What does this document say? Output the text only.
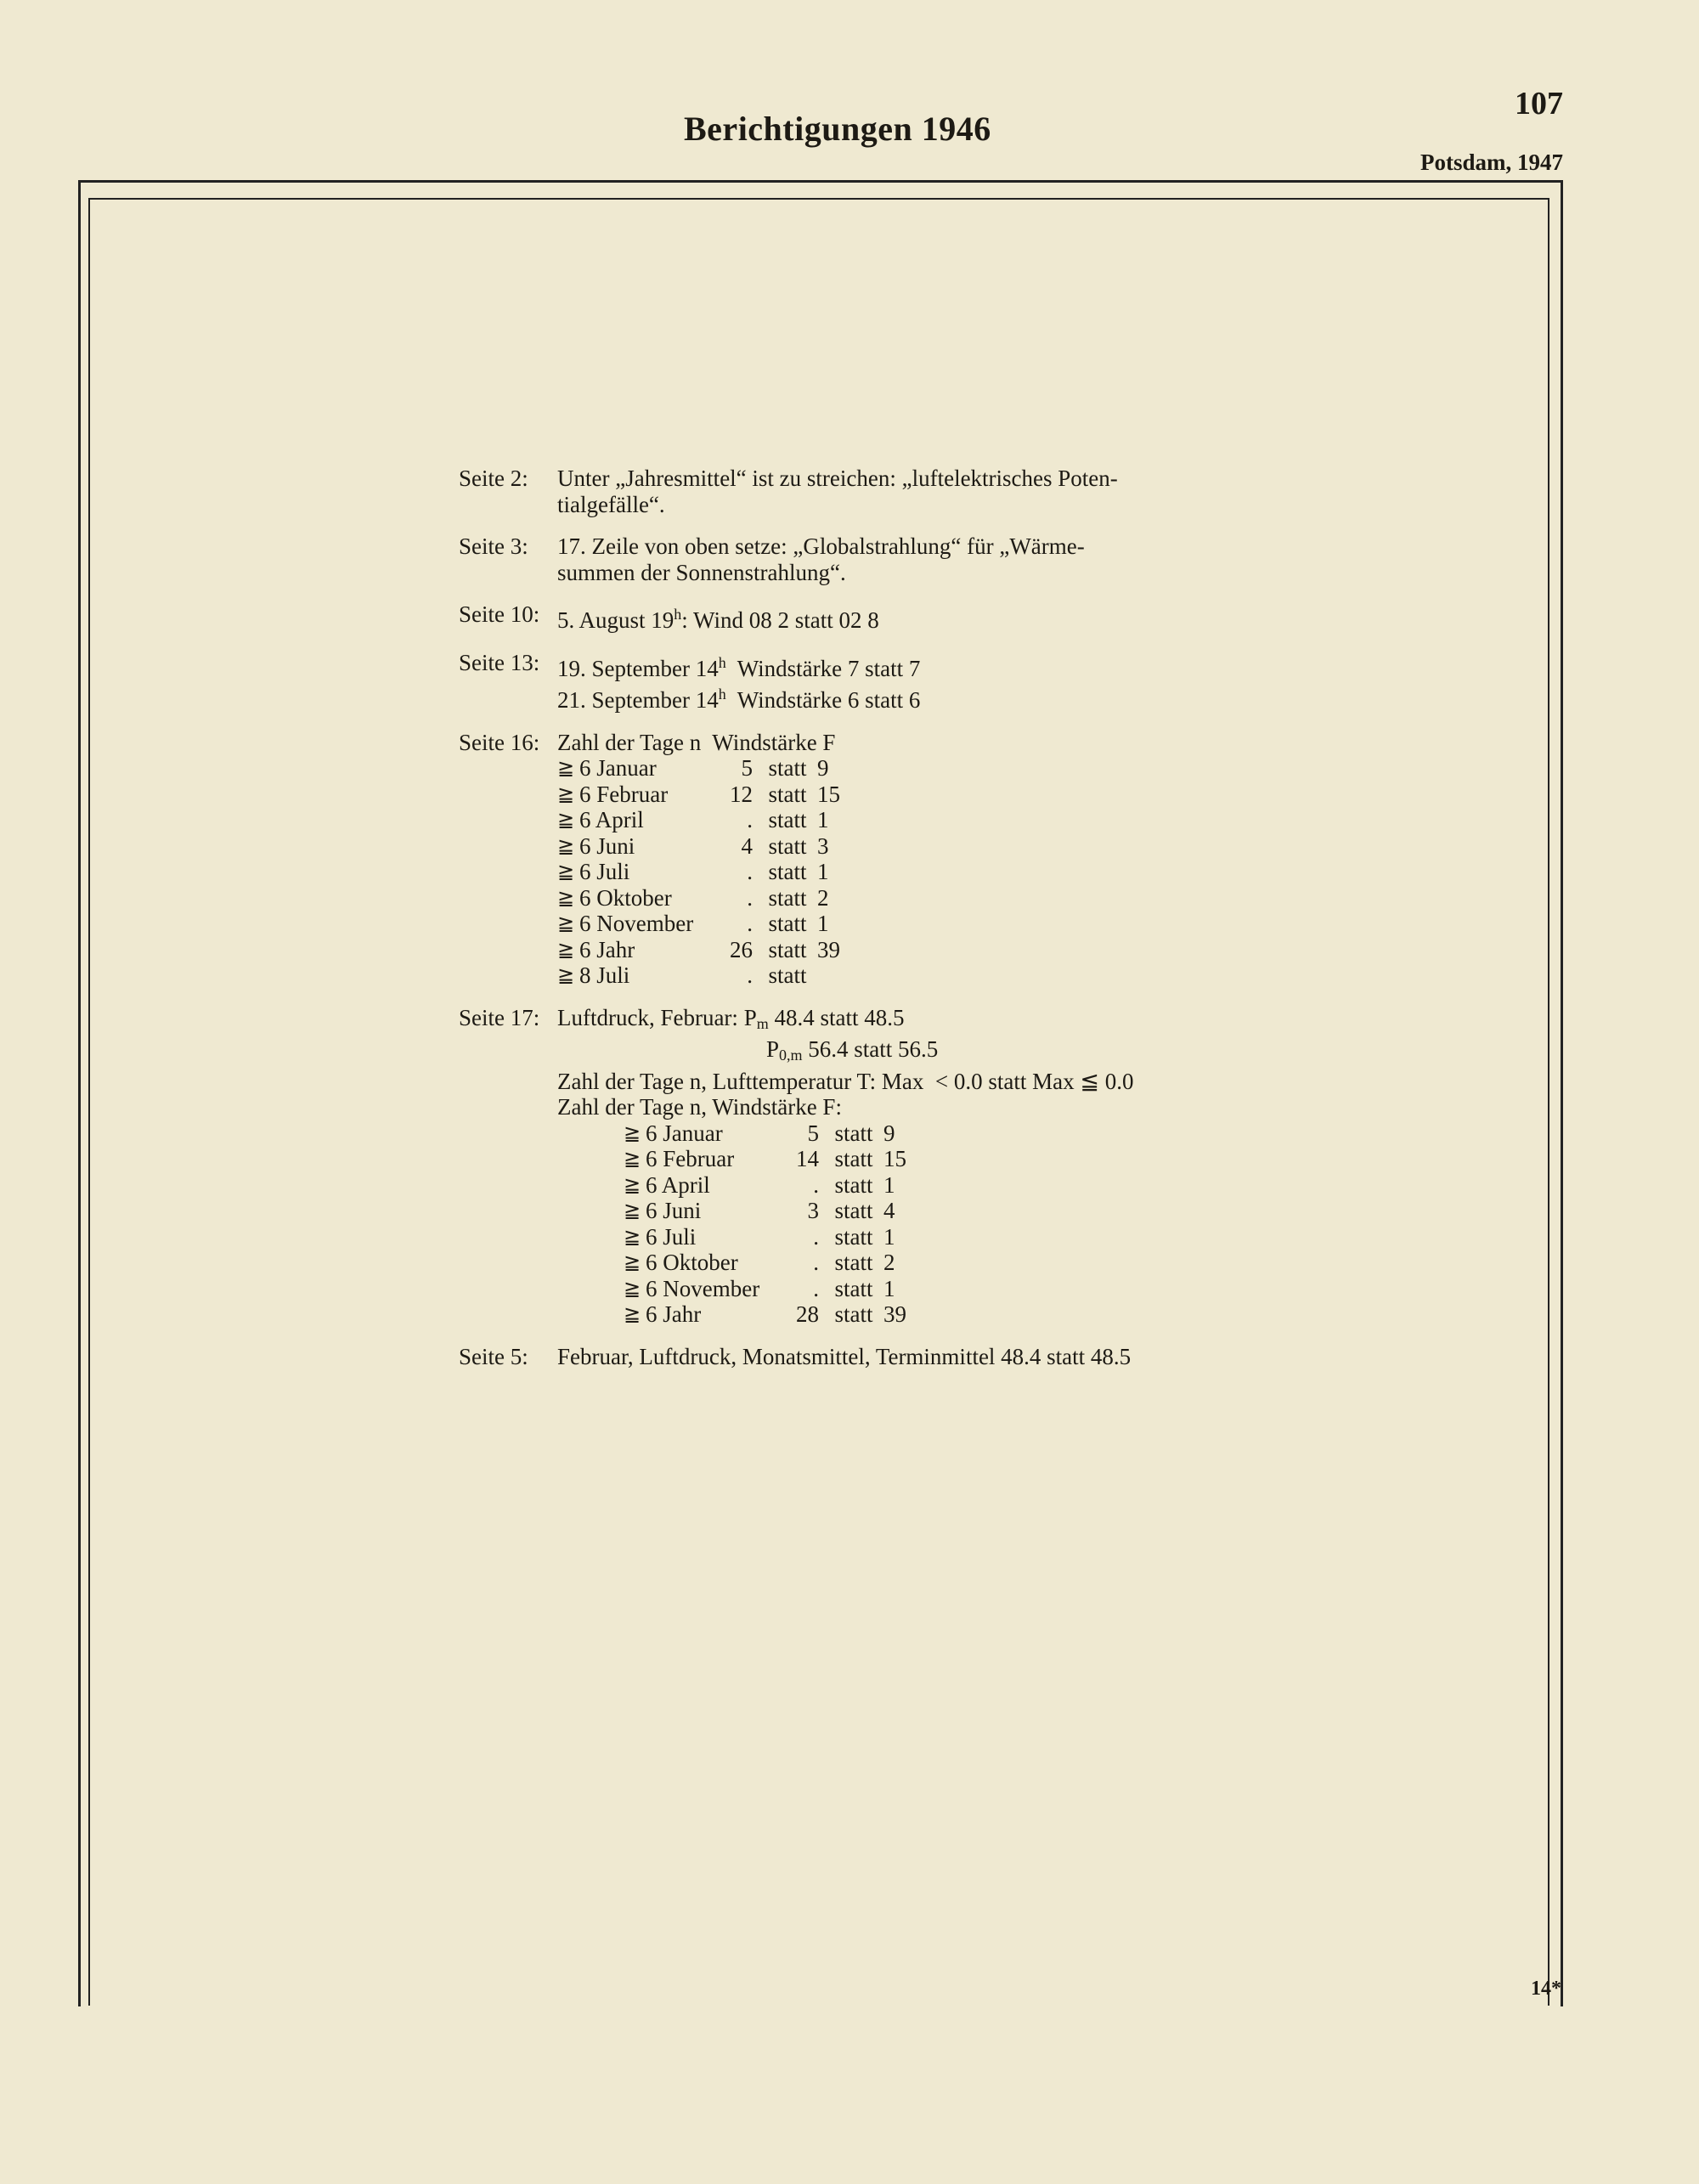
Berichtigungen 1946
107
Potsdam, 1947
Seite 2:	Unter „Jahresmittel“ ist zu streichen: „luftelektrisches Poten-
tialgefälle“.
Seite 3:	17. Zeile von oben setze: „Globalstrahlung“ für „Wärme-
summen der Sonnenstrahlung“.
Seite 10: 5. August 19$^h$: Wind 08 2 statt 02 8
Seite 13: 19. September 14$^h$  Windstärke 7 statt 7
21. September 14$^h$  Windstärke 6 statt 6
Seite 16: Zahl der Tage n  Windstärke F
≧ 6 Januar	5 statt 9
≧ 6 Februar	12 statt 15
≧ 6 April	. statt 1
≧ 6 Juni	4 statt 3
≧ 6 Juli	. statt 1
≧ 6 Oktober	. statt 2
≧ 6 November	. statt 1
≧ 6 Jahr	26 statt 39
≧ 8 Juli	. statt
Seite 17: Luftdruck, Februar: $P_m$ 48.4 statt 48.5
$P_{0,m}$ 56.4 statt 56.5
Zahl der Tage n, Lufttemperatur T: Max  < 0.0 statt Max ≦ 0.0
Zahl der Tage n, Windstärke F:
≧ 6 Januar	5 statt 9
≧ 6 Februar	14 statt 15
≧ 6 April	. statt 1
≧ 6 Juni	3 statt 4
≧ 6 Juli	. statt 1
≧ 6 Oktober	. statt 2
≧ 6 November	. statt 1
≧ 6 Jahr	28 statt 39
Seite 5:	Februar, Luftdruck, Monatsmittel, Terminmittel 48.4 statt 48.5
14*
